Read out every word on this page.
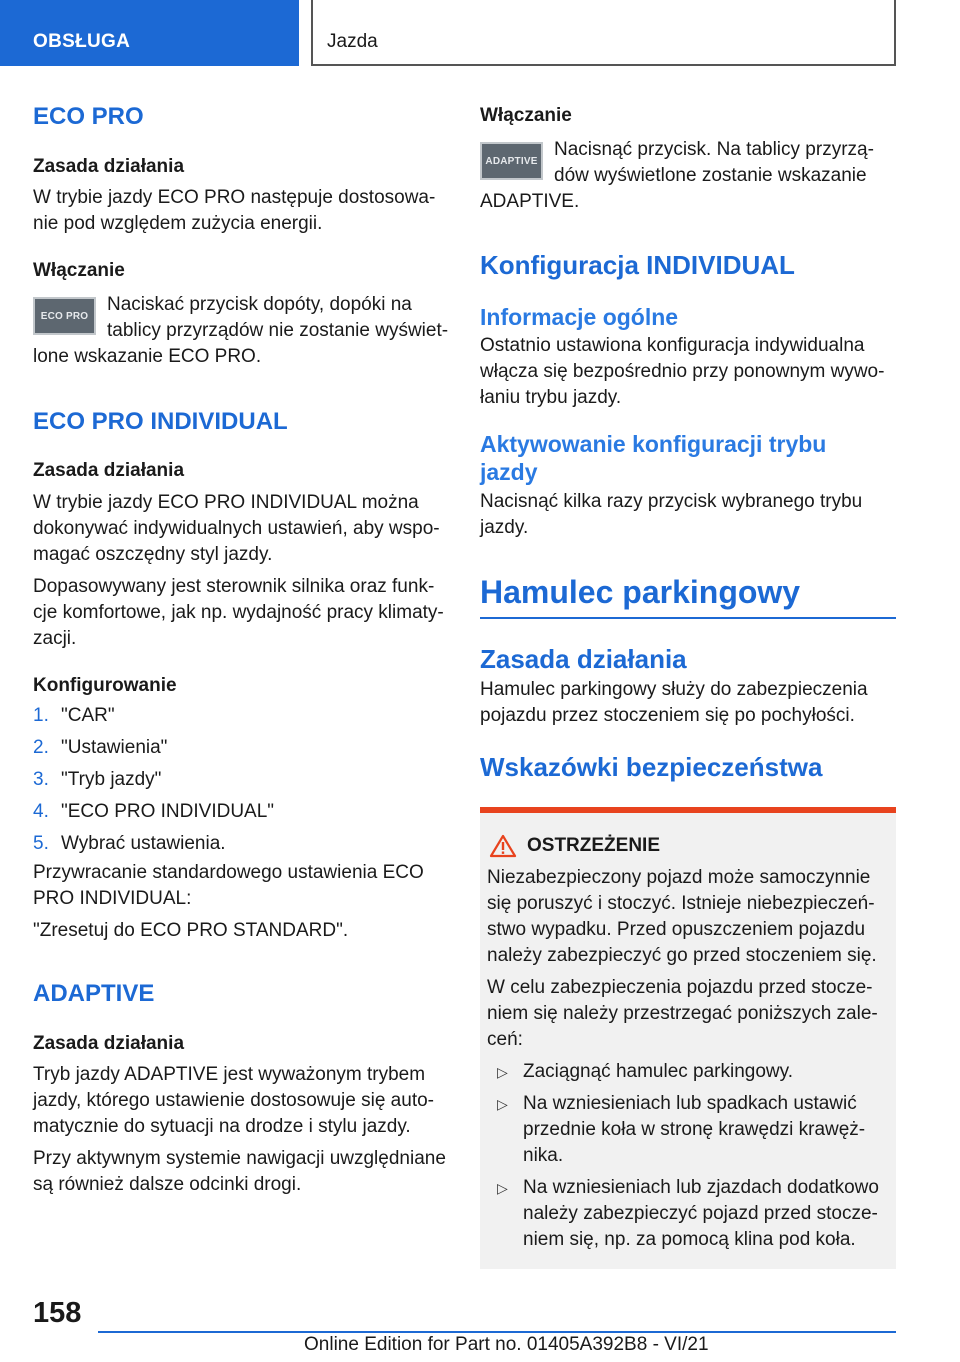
OBSŁUGA	Jazda
ECO PRO
Zasada działania
W trybie jazdy ECO PRO następuje dostosowa-
nie pod względem zużycia energii.
Włączanie
ECO PRO
Naciskać przycisk dopóty, dopóki na
tablicy przyrządów nie zostanie wyświet-
lone wskazanie ECO PRO.
ECO PRO INDIVIDUAL
Zasada działania
W trybie jazdy ECO PRO INDIVIDUAL można
dokonywać indywidualnych ustawień, aby wspo-
magać oszczędny styl jazdy.
Dopasowywany jest sterownik silnika oraz funk-
cje komfortowe, jak np. wydajność pracy klimaty-
zacji.
Konfigurowanie
1. "CAR"
2. "Ustawienia"
3. "Tryb jazdy"
4. "ECO PRO INDIVIDUAL"
5. Wybrać ustawienia.
Przywracanie standardowego ustawienia ECO
PRO INDIVIDUAL:
"Zresetuj do ECO PRO STANDARD".
ADAPTIVE
Zasada działania
Tryb jazdy ADAPTIVE jest wyważonym trybem
jazdy, którego ustawienie dostosowuje się auto-
matycznie do sytuacji na drodze i stylu jazdy.
Przy aktywnym systemie nawigacji uwzględniane
są również dalsze odcinki drogi.
Włączanie
ADAPTIVE
Nacisnąć przycisk. Na tablicy przyrzą-
dów wyświetlone zostanie wskazanie
ADAPTIVE.
Konfiguracja INDIVIDUAL
Informacje ogólne
Ostatnio ustawiona konfiguracja indywidualna
włącza się bezpośrednio przy ponownym wywo-
łaniu trybu jazdy.
Aktywowanie konfiguracji trybu
jazdy
Nacisnąć kilka razy przycisk wybranego trybu
jazdy.
Hamulec parkingowy
Zasada działania
Hamulec parkingowy służy do zabezpieczenia
pojazdu przez stoczeniem się po pochyłości.
Wskazówki bezpieczeństwa
OSTRZEŻENIE
Niezabezpieczony pojazd może samoczynnie
się poruszyć i stoczyć. Istnieje niebezpieczeń-
stwo wypadku. Przed opuszczeniem pojazdu
należy zabezpieczyć go przed stoczeniem się.
W celu zabezpieczenia pojazdu przed stocze-
niem się należy przestrzegać poniższych zale-
ceń:
▷ Zaciągnąć hamulec parkingowy.
▷ Na wzniesieniach lub spadkach ustawić
przednie koła w stronę krawędzi krawęż-
nika.
▷ Na wzniesieniach lub zjazdach dodatkowo
należy zabezpieczyć pojazd przed stocze-
niem się, np. za pomocą klina pod koła.
158
Online Edition for Part no. 01405A392B8 - VI/21
